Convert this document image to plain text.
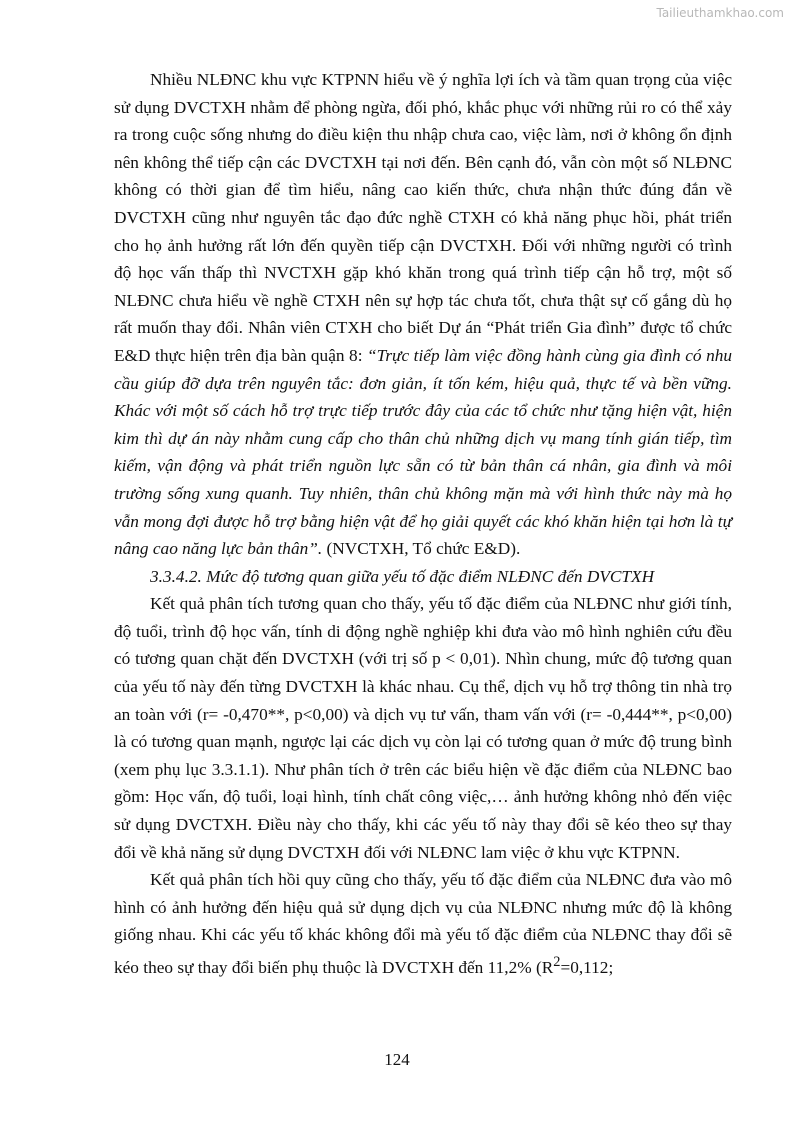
Tailieuthamkhao.com

Nhiều NLĐNC khu vực KTPNN hiểu về ý nghĩa lợi ích và tầm quan trọng của việc sử dụng DVCTXH nhằm để phòng ngừa, đối phó, khắc phục với những rủi ro có thể xảy ra trong cuộc sống nhưng do điều kiện thu nhập chưa cao, việc làm, nơi ở không ổn định nên không thể tiếp cận các DVCTXH tại nơi đến. Bên cạnh đó, vẫn còn một số NLĐNC không có thời gian để tìm hiểu, nâng cao kiến thức, chưa nhận thức đúng đắn về DVCTXH cũng như nguyên tắc đạo đức nghề CTXH có khả năng phục hồi, phát triển cho họ ảnh hưởng rất lớn đến quyền tiếp cận DVCTXH. Đối với những người có trình độ học vấn thấp thì NVCTXH gặp khó khăn trong quá trình tiếp cận hỗ trợ, một số NLĐNC chưa hiểu về nghề CTXH nên sự hợp tác chưa tốt, chưa thật sự cố gắng dù họ rất muốn thay đổi. Nhân viên CTXH cho biết Dự án “Phát triển Gia đình” được tổ chức E&D thực hiện trên địa bàn quận 8: “Trực tiếp làm việc đồng hành cùng gia đình có nhu cầu giúp đỡ dựa trên nguyên tắc: đơn giản, ít tốn kém, hiệu quả, thực tế và bền vững. Khác với một số cách hỗ trợ trực tiếp trước đây của các tổ chức như tặng hiện vật, hiện kim thì dự án này nhằm cung cấp cho thân chủ những dịch vụ mang tính gián tiếp, tìm kiếm, vận động và phát triển nguồn lực sẵn có từ bản thân cá nhân, gia đình và môi trường sống xung quanh. Tuy nhiên, thân chủ không mặn mà với hình thức này mà họ vẫn mong đợi được hỗ trợ bằng hiện vật để họ giải quyết các khó khăn hiện tại hơn là tự nâng cao năng lực bản thân”. (NVCTXH, Tổ chức E&D).

3.3.4.2. Mức độ tương quan giữa yếu tố đặc điểm NLĐNC đến DVCTXH

Kết quả phân tích tương quan cho thấy, yếu tố đặc điểm của NLĐNC như giới tính, độ tuổi, trình độ học vấn, tính di động nghề nghiệp khi đưa vào mô hình nghiên cứu đều có tương quan chặt đến DVCTXH (với trị số p < 0,01). Nhìn chung, mức độ tương quan của yếu tố này đến từng DVCTXH là khác nhau. Cụ thể, dịch vụ hỗ trợ thông tin nhà trọ an toàn với (r= -0,470**, p<0,00) và dịch vụ tư vấn, tham vấn với (r= -0,444**, p<0,00) là có tương quan mạnh, ngược lại các dịch vụ còn lại có tương quan ở mức độ trung bình (xem phụ lục 3.3.1.1). Như phân tích ở trên các biểu hiện về đặc điểm của NLĐNC bao gồm: Học vấn, độ tuổi, loại hình, tính chất công việc,… ảnh hưởng không nhỏ đến việc sử dụng DVCTXH. Điều này cho thấy, khi các yếu tố này thay đổi sẽ kéo theo sự thay đổi về khả năng sử dụng DVCTXH đối với NLĐNC lam việc ở khu vực KTPNN.

Kết quả phân tích hồi quy cũng cho thấy, yếu tố đặc điểm của NLĐNC đưa vào mô hình có ảnh hưởng đến hiệu quả sử dụng dịch vụ của NLĐNC nhưng mức độ là không giống nhau. Khi các yếu tố khác không đổi mà yếu tố đặc điểm của NLĐNC thay đổi sẽ kéo theo sự thay đổi biến phụ thuộc là DVCTXH đến 11,2% ($R^2=0,112$;

124
